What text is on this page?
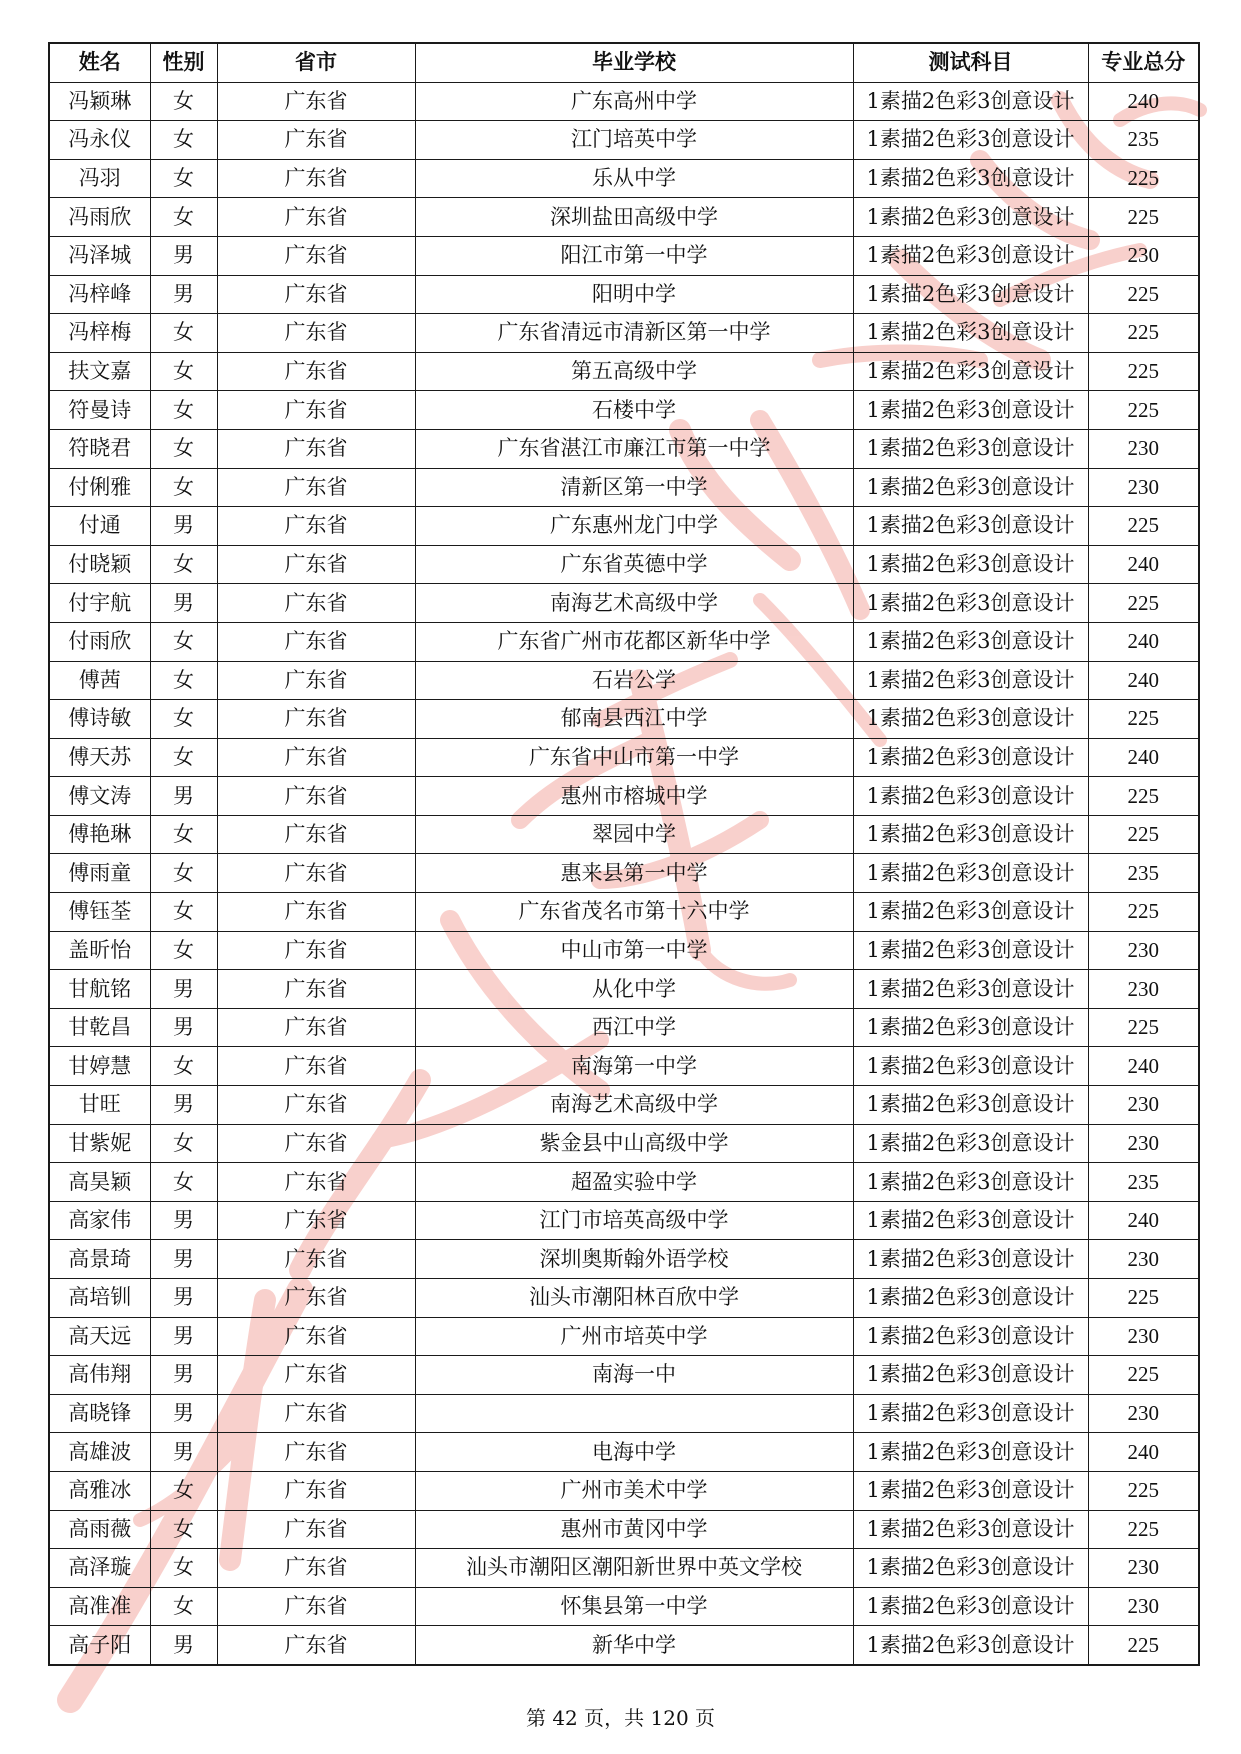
姓名	性别	省市	毕业学校	测试科目	专业总分
冯颖琳	女	广东省	广东高州中学	1素描2色彩3创意设计	240
冯永仪	女	广东省	江门培英中学	1素描2色彩3创意设计	235
冯羽	女	广东省	乐从中学	1素描2色彩3创意设计	225
冯雨欣	女	广东省	深圳盐田高级中学	1素描2色彩3创意设计	225
冯泽城	男	广东省	阳江市第一中学	1素描2色彩3创意设计	230
冯梓峰	男	广东省	阳明中学	1素描2色彩3创意设计	225
冯梓梅	女	广东省	广东省清远市清新区第一中学	1素描2色彩3创意设计	225
扶文嘉	女	广东省	第五高级中学	1素描2色彩3创意设计	225
符曼诗	女	广东省	石楼中学	1素描2色彩3创意设计	225
符晓君	女	广东省	广东省湛江市廉江市第一中学	1素描2色彩3创意设计	230
付俐雅	女	广东省	清新区第一中学	1素描2色彩3创意设计	230
付通	男	广东省	广东惠州龙门中学	1素描2色彩3创意设计	225
付晓颖	女	广东省	广东省英德中学	1素描2色彩3创意设计	240
付宇航	男	广东省	南海艺术高级中学	1素描2色彩3创意设计	225
付雨欣	女	广东省	广东省广州市花都区新华中学	1素描2色彩3创意设计	240
傅茜	女	广东省	石岩公学	1素描2色彩3创意设计	240
傅诗敏	女	广东省	郁南县西江中学	1素描2色彩3创意设计	225
傅天苏	女	广东省	广东省中山市第一中学	1素描2色彩3创意设计	240
傅文涛	男	广东省	惠州市榕城中学	1素描2色彩3创意设计	225
傅艳琳	女	广东省	翠园中学	1素描2色彩3创意设计	225
傅雨童	女	广东省	惠来县第一中学	1素描2色彩3创意设计	235
傅钰荃	女	广东省	广东省茂名市第十六中学	1素描2色彩3创意设计	225
盖昕怡	女	广东省	中山市第一中学	1素描2色彩3创意设计	230
甘航铭	男	广东省	从化中学	1素描2色彩3创意设计	230
甘乾昌	男	广东省	西江中学	1素描2色彩3创意设计	225
甘婷慧	女	广东省	南海第一中学	1素描2色彩3创意设计	240
甘旺	男	广东省	南海艺术高级中学	1素描2色彩3创意设计	230
甘紫妮	女	广东省	紫金县中山高级中学	1素描2色彩3创意设计	230
高昊颖	女	广东省	超盈实验中学	1素描2色彩3创意设计	235
高家伟	男	广东省	江门市培英高级中学	1素描2色彩3创意设计	240
高景琦	男	广东省	深圳奥斯翰外语学校	1素描2色彩3创意设计	230
高培钏	男	广东省	汕头市潮阳林百欣中学	1素描2色彩3创意设计	225
高天远	男	广东省	广州市培英中学	1素描2色彩3创意设计	230
高伟翔	男	广东省	南海一中	1素描2色彩3创意设计	225
高晓锋	男	广东省		1素描2色彩3创意设计	230
高雄波	男	广东省	电海中学	1素描2色彩3创意设计	240
高雅冰	女	广东省	广州市美术中学	1素描2色彩3创意设计	225
高雨薇	女	广东省	惠州市黄冈中学	1素描2色彩3创意设计	225
高泽璇	女	广东省	汕头市潮阳区潮阳新世界中英文学校	1素描2色彩3创意设计	230
高准准	女	广东省	怀集县第一中学	1素描2色彩3创意设计	230
高子阳	男	广东省	新华中学	1素描2色彩3创意设计	225
第 42 页，共 120 页
